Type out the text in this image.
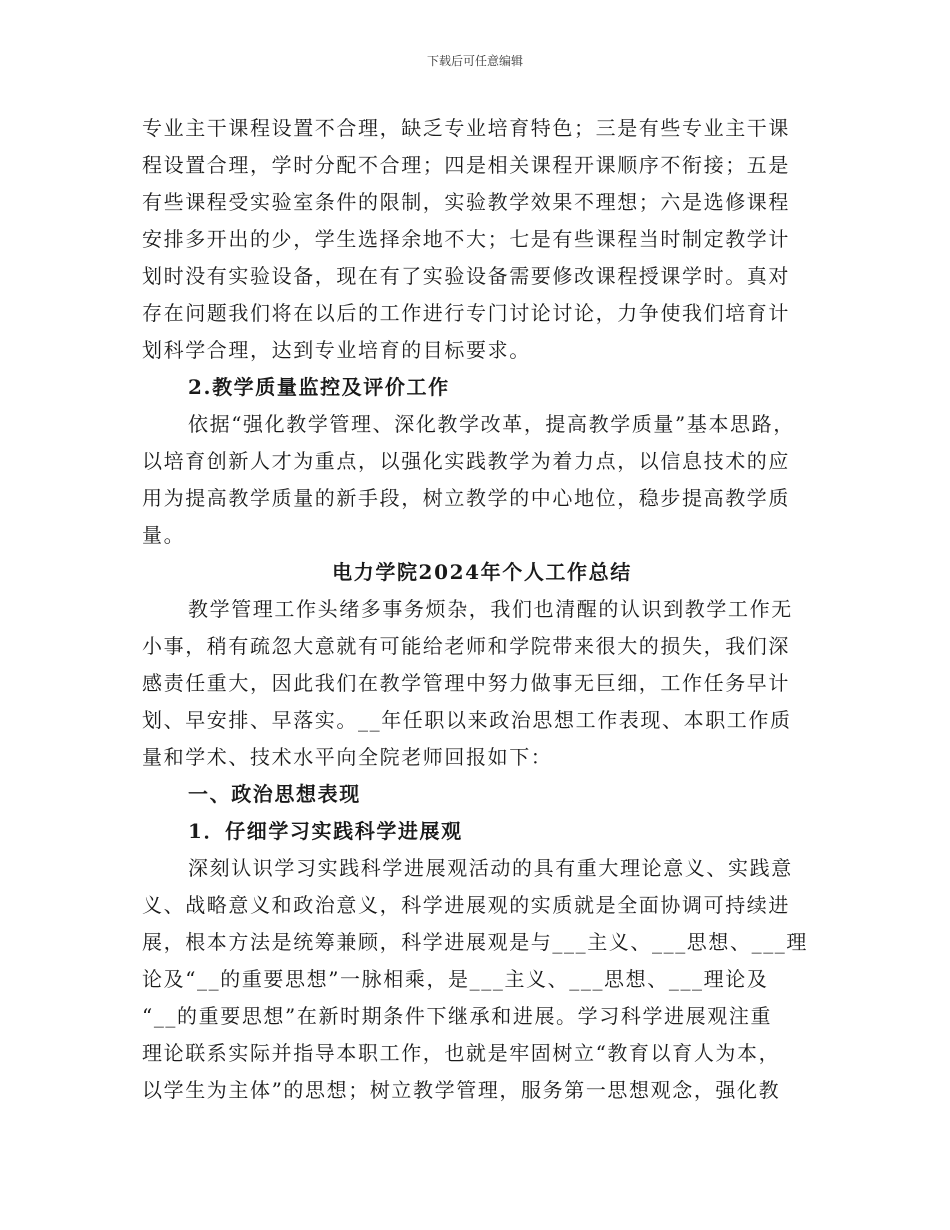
下载后可任意编辑
专业主干课程设置不合理，缺乏专业培育特色；三是有些专业主干课
程设置合理，学时分配不合理；四是相关课程开课顺序不衔接；五是
有些课程受实验室条件的限制，实验教学效果不理想；六是选修课程
安排多开出的少，学生选择余地不大；七是有些课程当时制定教学计
划时没有实验设备，现在有了实验设备需要修改课程授课学时。真对
存在问题我们将在以后的工作进行专门讨论讨论，力争使我们培育计
划科学合理，达到专业培育的目标要求。
2.教学质量监控及评价工作
依据“强化教学管理、深化教学改革，提高教学质量”基本思路，
以培育创新人才为重点，以强化实践教学为着力点，以信息技术的应
用为提高教学质量的新手段，树立教学的中心地位，稳步提高教学质
量。
电力学院2024年个人工作总结
教学管理工作头绪多事务烦杂，我们也清醒的认识到教学工作无
小事，稍有疏忽大意就有可能给老师和学院带来很大的损失，我们深
感责任重大，因此我们在教学管理中努力做事无巨细，工作任务早计
划、早安排、早落实。__年任职以来政治思想工作表现、本职工作质
量和学术、技术水平向全院老师回报如下：
一、政治思想表现
1．仔细学习实践科学进展观
深刻认识学习实践科学进展观活动的具有重大理论意义、实践意
义、战略意义和政治意义，科学进展观的实质就是全面协调可持续进
展，根本方法是统筹兼顾，科学进展观是与___主义、___思想、___理
论及“__的重要思想”一脉相乘，是___主义、___思想、___理论及
“__的重要思想”在新时期条件下继承和进展。学习科学进展观注重
理论联系实际并指导本职工作，也就是牢固树立“教育以育人为本，
以学生为主体”的思想；树立教学管理，服务第一思想观念，强化教
